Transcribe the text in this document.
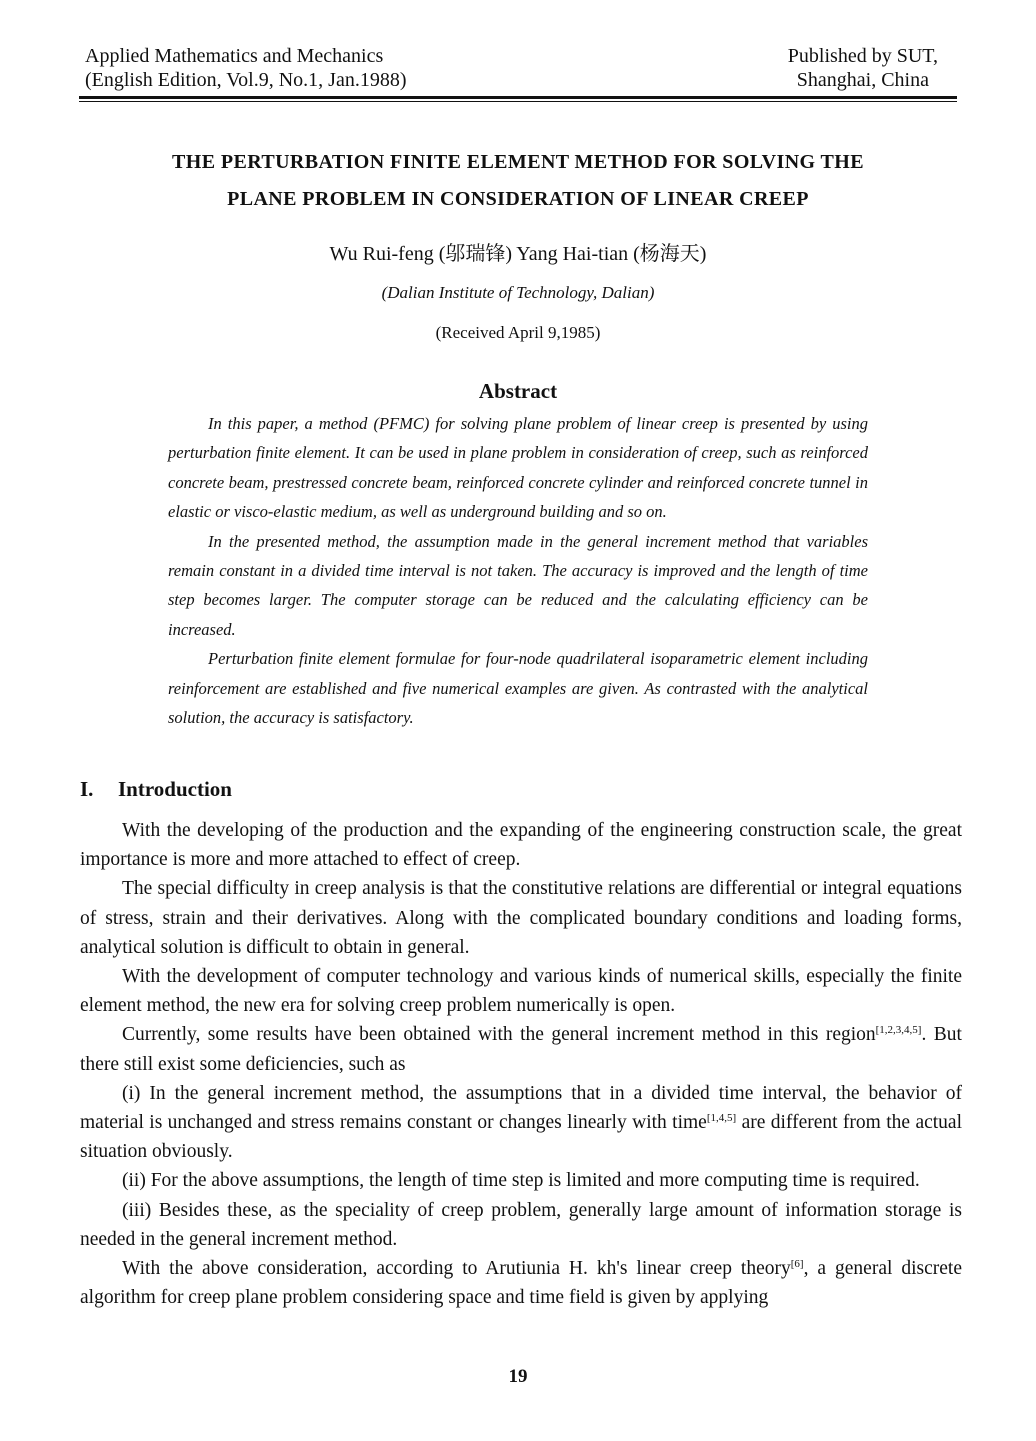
Applied Mathematics and Mechanics
(English Edition, Vol.9, No.1, Jan.1988)
Published by SUT,
Shanghai, China
THE PERTURBATION FINITE ELEMENT METHOD FOR SOLVING THE
PLANE PROBLEM IN CONSIDERATION OF LINEAR CREEP
Wu Rui-feng (邬瑞锋) Yang Hai-tian (杨海天)
(Dalian Institute of Technology, Dalian)
(Received April 9,1985)
Abstract

In this paper, a method (PFMC) for solving plane problem of linear creep is presented by using perturbation finite element. It can be used in plane problem in consideration of creep, such as reinforced concrete beam, prestressed concrete beam, reinforced concrete cylinder and reinforced concrete tunnel in elastic or visco-elastic medium, as well as underground building and so on.

In the presented method, the assumption made in the general increment method that variables remain constant in a divided time interval is not taken. The accuracy is improved and the length of time step becomes larger. The computer storage can be reduced and the calculating efficiency can be increased.

Perturbation finite element formulae for four-node quadrilateral isoparametric element including reinforcement are established and five numerical examples are given. As contrasted with the analytical solution, the accuracy is satisfactory.

I. Introduction

With the developing of the production and the expanding of the engineering construction scale, the great importance is more and more attached to effect of creep.

The special difficulty in creep analysis is that the constitutive relations are differential or integral equations of stress, strain and their derivatives. Along with the complicated boundary conditions and loading forms, analytical solution is difficult to obtain in general.

With the development of computer technology and various kinds of numerical skills, especially the finite element method, the new era for solving creep problem numerically is open.

Currently, some results have been obtained with the general increment method in this region[1,2,3,4,5]. But there still exist some deficiencies, such as

(i) In the general increment method, the assumptions that in a divided time interval, the behavior of material is unchanged and stress remains constant or changes linearly with time[1,4,5] are different from the actual situation obviously.

(ii) For the above assumptions, the length of time step is limited and more computing time is required.

(iii) Besides these, as the speciality of creep problem, generally large amount of information storage is needed in the general increment method.

With the above consideration, according to Arutiunia H. kh's linear creep theory[6], a general discrete algorithm for creep plane problem considering space and time field is given by applying

19
